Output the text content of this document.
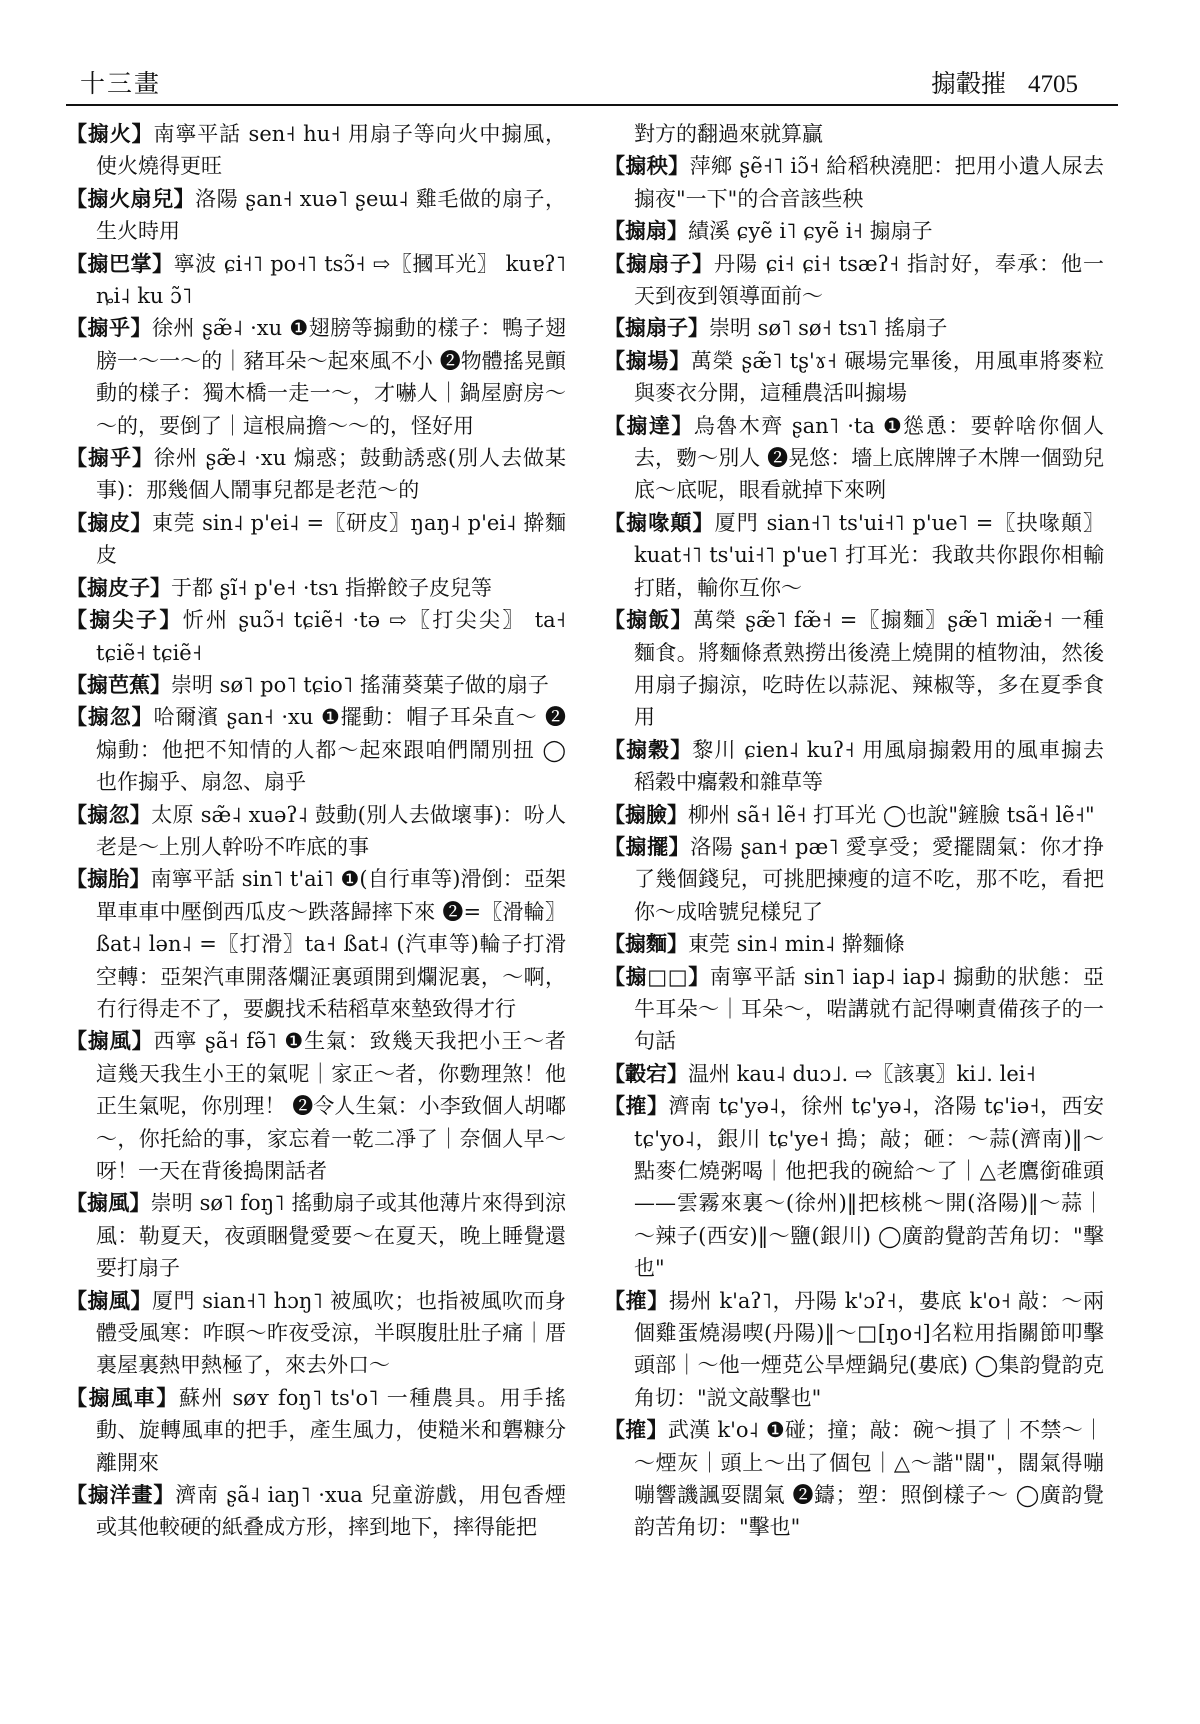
十三畫	搧轂摧 4705
【搧火】南寧平話 sen˧ hu˧ 用扇子等向火中搧風，使火燒得更旺
【搧火扇兒】洛陽 ʂan˧ xuə˥ ʂeɯ˨ 雞毛做的扇子，生火時用
【搧巴掌】寧波 ɕi˧˥ po˧˥ tsɔ̃˧ ⇨〖摑耳光〗 kuɐʔ˥ ȵi˨ ku ɔ̃˥
【搧乎】徐州 ʂæ̃˨ ·xu ❶翅膀等搧動的樣子：鴨子翅膀一～一～的｜豬耳朵～起來風不小 ❷物體搖晃顫動的樣子：獨木橋一走一～，才嚇人｜鍋屋廚房～～的，要倒了｜這根扁擔～～的，怪好用
【搧乎】徐州 ʂæ̃˨ ·xu 煽惑；鼓動誘惑(別人去做某事)：那幾個人鬧事兒都是老范～的
【搧皮】東莞 sin˨ p'ei˨ =〖研皮〗ŋaŋ˨ p'ei˨ 擀麵皮
【搧皮子】于都 ʂĩ˧ p'e˧ ·tsɿ 指擀餃子皮兒等
【搧尖子】忻州 ʂuɔ̃˧ tɕiẽ˧ ·tə ⇨〖打尖尖〗 ta˧ tɕiẽ˧ tɕiẽ˧
【搧芭蕉】崇明 sø˥ po˥ tɕio˥ 搖蒲葵葉子做的扇子
【搧忽】哈爾濱 ʂan˧ ·xu ❶擺動：帽子耳朵直～ ❷煽動：他把不知情的人都～起來跟咱們鬧別扭 ◯也作搧乎、扇忽、扇乎
【搧忽】太原 sæ̃˨ xuəʔ˨ 鼓動(別人去做壞事)：吩人老是～上別人幹吩不咋底的事
【搧胎】南寧平話 sin˥ t'ai˥ ❶(自行車等)滑倒：亞架單車車中壓倒西瓜皮～跌落歸摔下來 ❷=〖滑輪〗ßat˨ lən˨ =〖打滑〗ta˧ ßat˨ (汽車等)輪子打滑空轉：亞架汽車開落爛泟裏頭開到爛泥裏，～啊，冇行得走不了，要覷找禾秸稻草來墊致得才行
【搧風】西寧 ʂã˧ fə̃˥ ❶生氣：致幾天我把小王～者這幾天我生小王的氣呢｜家正～者，你覅理煞！他正生氣呢，你別理！ ❷令人生氣：小李致個人胡嘟～，你托給的事，家忘着一乾二凈了｜奈個人早～呀！一天在背後搗閑話者
【搧風】崇明 sø˥ foŋ˥ 搖動扇子或其他薄片來得到涼風：勒夏天，夜頭睏覺愛要～在夏天，晚上睡覺還要打扇子
【搧風】厦門 sian˧˥ hɔŋ˥ 被風吹；也指被風吹而身體受風寒：咋暝～昨夜受涼，半暝腹肚肚子痛｜厝裏屋裏熱甲熱極了，來去外口～
【搧風車】蘇州 søʏ foŋ˥ ts'o˥ 一種農具。用手搖動、旋轉風車的把手，產生風力，使糙米和礱糠分離開來
【搧洋畫】濟南 ʂã˨ iaŋ˥ ·xua 兒童游戲，用包香煙或其他較硬的紙叠成方形，摔到地下，摔得能把
對方的翻過來就算贏
【搧秧】萍鄉 ʂẽ˧˥ iɔ̃˧ 給稻秧澆肥：把用小遺人尿去搧夜"一下"的合音該些秧
【搧扇】績溪 ɕyẽ i˥ ɕyẽ i˧ 搧扇子
【搧扇子】丹陽 ɕi˧ ɕi˧ tsæʔ˧ 指討好，奉承：他一天到夜到領導面前～
【搧扇子】崇明 sø˥ sø˧ tsɿ˥ 搖扇子
【搧場】萬榮 ʂæ̃˥ tʂ'ɤ˧ 碾場完畢後，用風車將麥粒與麥衣分開，這種農活叫搧場
【搧達】烏魯木齊 ʂan˥ ·ta ❶慫恿：要幹啥你個人去，覅～別人 ❷晃悠：墻上底牌牌子木牌一個勁兒底～底呢，眼看就掉下來咧
【搧喙顛】厦門 sian˧˥ ts'ui˧˥ p'ue˥ =〖抉喙顛〗kuat˧˥ ts'ui˧˥ p'ue˥ 打耳光：我敢共你跟你相輸打賭，輸你互你～
【搧飯】萬榮 ʂæ̃˥ fæ̃˧ =〖搧麵〗ʂæ̃˥ miæ̃˧ 一種麵食。將麵條煮熟撈出後澆上燒開的植物油，然後用扇子搧涼，吃時佐以蒜泥、辣椒等，多在夏季食用
【搧穀】黎川 ɕien˨ kuʔ˧ 用風扇搧穀用的風車搧去稻穀中癟穀和雜草等
【搧臉】柳州 sã˧ lẽ˧ 打耳光 ◯也說"鏟臉 tsã˧ lẽ˧"
【搧擺】洛陽 ʂan˧ pæ˥ 愛享受；愛擺闊氣：你才挣了幾個錢兒，可挑肥揀瘦的這不吃，那不吃，看把你～成啥號兒樣兒了
【搧麵】東莞 sin˨ min˨ 擀麵條
【搧□□】南寧平話 sin˥ iap˨ iap˨ 搧動的狀態：亞牛耳朵～｜耳朵～，啱講就冇記得喇責備孩子的一句話
【轂宕】温州 kau˨ duɔ˩. ⇨〖該裏〗ki˩. lei˧
【搉】濟南 tɕ'yə˨，徐州 tɕ'yə˨，洛陽 tɕ'iə˧，西安 tɕ'yo˨，銀川 tɕ'ye˧ 搗；敲；砸：～蒜(濟南)‖～點麥仁燒粥喝｜他把我的碗給～了｜△老鷹銜碓頭——雲霧來裏～(徐州)‖把核桃～開(洛陽)‖～蒜｜～辣子(西安)‖～鹽(銀川) ◯廣韵覺韵苦角切："擊也"
【搉】揚州 k'aʔ˥，丹陽 k'ɔʔ˧，婁底 k'o˧ 敲：～兩個雞蛋燒湯喫(丹陽)‖～□[ŋo˧]名粒用指關節叩擊頭部｜～他一煙莌公旱煙鍋兒(婁底) ◯集韵覺韵克角切："説文敲擊也"
【搉】武漢 k'o˨ ❶碰；撞；敲：碗～損了｜不禁～｜～煙灰｜頭上～出了個包｜△～諧"闊"，闊氣得嘣嘣響譏諷耍闊氣 ❷鑄；塑：照倒樣子～ ◯廣韵覺韵苦角切："擊也"
